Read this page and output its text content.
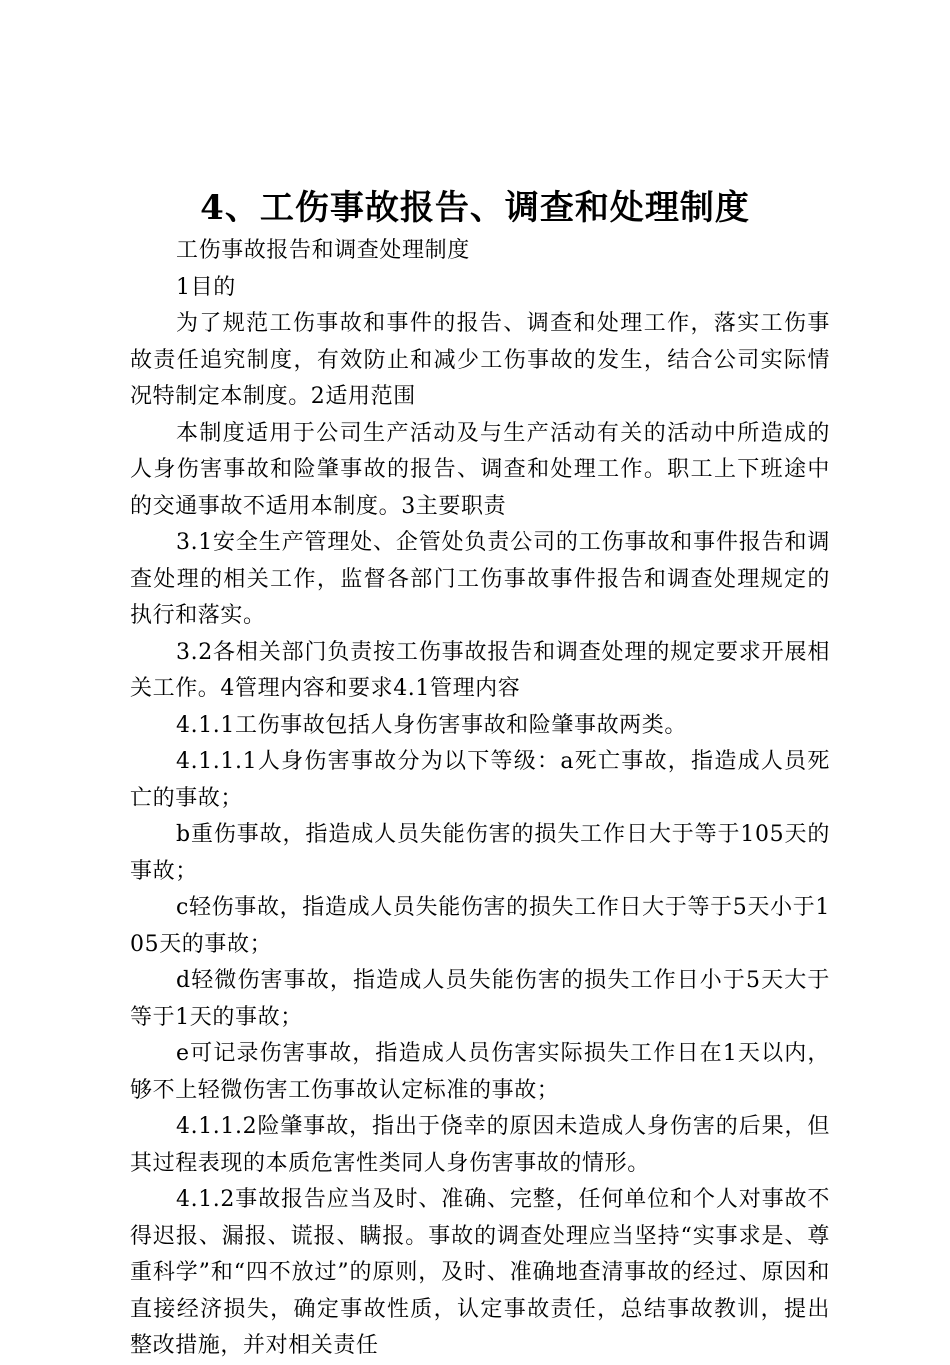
4、工伤事故报告、调查和处理制度

工伤事故报告和调查处理制度

1目的

为了规范工伤事故和事件的报告、调查和处理工作，落实工伤事故责任追究制度，有效防止和减少工伤事故的发生，结合公司实际情况特制定本制度。2适用范围

本制度适用于公司生产活动及与生产活动有关的活动中所造成的人身伤害事故和险肇事故的报告、调查和处理工作。职工上下班途中的交通事故不适用本制度。3主要职责

3.1安全生产管理处、企管处负责公司的工伤事故和事件报告和调查处理的相关工作，监督各部门工伤事故事件报告和调查处理规定的执行和落实。

3.2各相关部门负责按工伤事故报告和调查处理的规定要求开展相关工作。4管理内容和要求4.1管理内容

4.1.1工伤事故包括人身伤害事故和险肇事故两类。

4.1.1.1人身伤害事故分为以下等级：a死亡事故，指造成人员死亡的事故；

b重伤事故，指造成人员失能伤害的损失工作日大于等于105天的事故；

c轻伤事故，指造成人员失能伤害的损失工作日大于等于5天小于105天的事故；

d轻微伤害事故，指造成人员失能伤害的损失工作日小于5天大于等于1天的事故；

e可记录伤害事故，指造成人员伤害实际损失工作日在1天以内，够不上轻微伤害工伤事故认定标准的事故；

4.1.1.2险肇事故，指出于侥幸的原因未造成人身伤害的后果，但其过程表现的本质危害性类同人身伤害事故的情形。

4.1.2事故报告应当及时、准确、完整，任何单位和个人对事故不得迟报、漏报、谎报、瞒报。事故的调查处理应当坚持“实事求是、尊重科学”和“四不放过”的原则，及时、准确地查清事故的经过、原因和直接经济损失，确定事故性质，认定事故责任，总结事故教训，提出整改措施，并对相关责任
